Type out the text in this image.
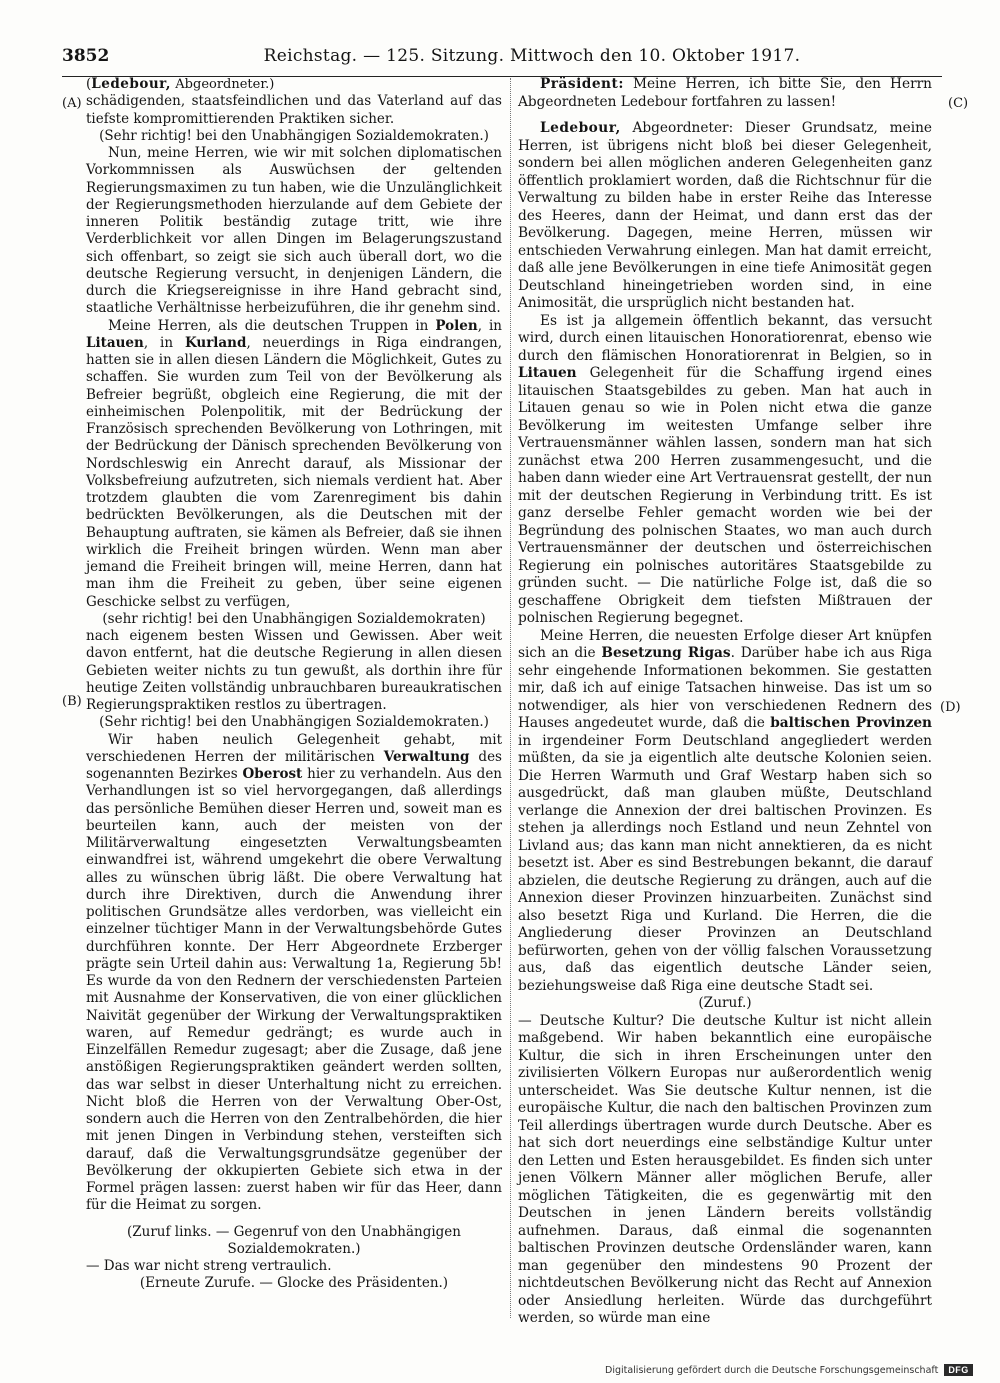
3852	Reichstag. — 125. Sitzung. Mittwoch den 10. Oktober 1917.
(A)
(B)
(C)
(D)

(Ledebour, Abgeordneter.)

schädigenden, staatsfeindlichen und das Vaterland auf das tiefste kompromittierenden Praktiken sicher.

(Sehr richtig! bei den Unabhängigen Sozialdemokraten.)

Nun, meine Herren, wie wir mit solchen diplomatischen Vorkommnissen als Auswüchsen der geltenden Regierungsmaximen zu tun haben, wie die Unzulänglichkeit der Regierungsmethoden hierzulande auf dem Gebiete der inneren Politik beständig zutage tritt, wie ihre Verderblichkeit vor allen Dingen im Belagerungszustand sich offenbart, so zeigt sie sich auch überall dort, wo die deutsche Regierung versucht, in denjenigen Ländern, die durch die Kriegsereignisse in ihre Hand gebracht sind, staatliche Verhältnisse herbeizuführen, die ihr genehm sind.

Meine Herren, als die deutschen Truppen in Polen, in Litauen, in Kurland, neuerdings in Riga eindrangen, hatten sie in allen diesen Ländern die Möglichkeit, Gutes zu schaffen. Sie wurden zum Teil von der Bevölkerung als Befreier begrüßt, obgleich eine Regierung, die mit der einheimischen Polenpolitik, mit der Bedrückung der Französisch sprechenden Bevölkerung von Lothringen, mit der Bedrückung der Dänisch sprechenden Bevölkerung von Nordschleswig ein Anrecht darauf, als Missionar der Volksbefreiung aufzutreten, sich niemals verdient hat. Aber trotzdem glaubten die vom Zarenregiment bis dahin bedrückten Bevölkerungen, als die Deutschen mit der Behauptung auftraten, sie kämen als Befreier, daß sie ihnen wirklich die Freiheit bringen würden. Wenn man aber jemand die Freiheit bringen will, meine Herren, dann hat man ihm die Freiheit zu geben, über seine eigenen Geschicke selbst zu verfügen,

(sehr richtig! bei den Unabhängigen Sozialdemokraten)

nach eigenem besten Wissen und Gewissen. Aber weit davon entfernt, hat die deutsche Regierung in allen diesen Gebieten weiter nichts zu tun gewußt, als dorthin ihre für heutige Zeiten vollständig unbrauchbaren bureaukratischen Regierungspraktiken restlos zu übertragen.

(Sehr richtig! bei den Unabhängigen Sozialdemokraten.)

Wir haben neulich Gelegenheit gehabt, mit verschiedenen Herren der militärischen Verwaltung des sogenannten Bezirkes Oberost hier zu verhandeln. Aus den Verhandlungen ist so viel hervorgegangen, daß allerdings das persönliche Bemühen dieser Herren und, soweit man es beurteilen kann, auch der meisten von der Militärverwaltung eingesetzten Verwaltungsbeamten einwandfrei ist, während umgekehrt die obere Verwaltung alles zu wünschen übrig läßt. Die obere Verwaltung hat durch ihre Direktiven, durch die Anwendung ihrer politischen Grundsätze alles verdorben, was vielleicht ein einzelner tüchtiger Mann in der Verwaltungsbehörde Gutes durchführen konnte. Der Herr Abgeordnete Erzberger prägte sein Urteil dahin aus: Verwaltung 1a, Regierung 5b! Es wurde da von den Rednern der verschiedensten Parteien mit Ausnahme der Konservativen, die von einer glücklichen Naivität gegenüber der Wirkung der Verwaltungspraktiken waren, auf Remedur gedrängt; es wurde auch in Einzelfällen Remedur zugesagt; aber die Zusage, daß jene anstößigen Regierungspraktiken geändert werden sollten, das war selbst in dieser Unterhaltung nicht zu erreichen. Nicht bloß die Herren von der Verwaltung Ober-Ost, sondern auch die Herren von den Zentralbehörden, die hier mit jenen Dingen in Verbindung stehen, versteiften sich darauf, daß die Verwaltungsgrundsätze gegenüber der Bevölkerung der okkupierten Gebiete sich etwa in der Formel prägen lassen: zuerst haben wir für das Heer, dann für die Heimat zu sorgen.

(Zuruf links. — Gegenruf von den Unabhängigen Sozialdemokraten.)

— Das war nicht streng vertraulich.

(Erneute Zurufe. — Glocke des Präsidenten.)

Präsident: Meine Herren, ich bitte Sie, den Herrn Abgeordneten Ledebour fortfahren zu lassen!

Ledebour, Abgeordneter: Dieser Grundsatz, meine Herren, ist übrigens nicht bloß bei dieser Gelegenheit, sondern bei allen möglichen anderen Gelegenheiten ganz öffentlich proklamiert worden, daß die Richtschnur für die Verwaltung zu bilden habe in erster Reihe das Interesse des Heeres, dann der Heimat, und dann erst das der Bevölkerung. Dagegen, meine Herren, müssen wir entschieden Verwahrung einlegen. Man hat damit erreicht, daß alle jene Bevölkerungen in eine tiefe Animosität gegen Deutschland hineingetrieben worden sind, in eine Animosität, die ursprüglich nicht bestanden hat.

Es ist ja allgemein öffentlich bekannt, das versucht wird, durch einen litauischen Honoratiorenrat, ebenso wie durch den flämischen Honoratiorenrat in Belgien, so in Litauen Gelegenheit für die Schaffung irgend eines litauischen Staatsgebildes zu geben. Man hat auch in Litauen genau so wie in Polen nicht etwa die ganze Bevölkerung im weitesten Umfange selber ihre Vertrauensmänner wählen lassen, sondern man hat sich zunächst etwa 200 Herren zusammengesucht, und die haben dann wieder eine Art Vertrauensrat gestellt, der nun mit der deutschen Regierung in Verbindung tritt. Es ist ganz derselbe Fehler gemacht worden wie bei der Begründung des polnischen Staates, wo man auch durch Vertrauensmänner der deutschen und österreichischen Regierung ein polnisches autoritäres Staatsgebilde zu gründen sucht. — Die natürliche Folge ist, daß die so geschaffene Obrigkeit dem tiefsten Mißtrauen der polnischen Regierung begegnet.

Meine Herren, die neuesten Erfolge dieser Art knüpfen sich an die Besetzung Rigas. Darüber habe ich aus Riga sehr eingehende Informationen bekommen. Sie gestatten mir, daß ich auf einige Tatsachen hinweise. Das ist um so notwendiger, als hier von verschiedenen Rednern des Hauses angedeutet wurde, daß die baltischen Provinzen in irgendeiner Form Deutschland angegliedert werden müßten, da sie ja eigentlich alte deutsche Kolonien seien. Die Herren Warmuth und Graf Westarp haben sich so ausgedrückt, daß man glauben müßte, Deutschland verlange die Annexion der drei baltischen Provinzen. Es stehen ja allerdings noch Estland und neun Zehntel von Livland aus; das kann man nicht annektieren, da es nicht besetzt ist. Aber es sind Bestrebungen bekannt, die darauf abzielen, die deutsche Regierung zu drängen, auch auf die Annexion dieser Provinzen hinzuarbeiten. Zunächst sind also besetzt Riga und Kurland. Die Herren, die die Angliederung dieser Provinzen an Deutschland befürworten, gehen von der völlig falschen Voraussetzung aus, daß das eigentlich deutsche Länder seien, beziehungsweise daß Riga eine deutsche Stadt sei.

(Zuruf.)

— Deutsche Kultur? Die deutsche Kultur ist nicht allein maßgebend. Wir haben bekanntlich eine europäische Kultur, die sich in ihren Erscheinungen unter den zivilisierten Völkern Europas nur außerordentlich wenig unterscheidet. Was Sie deutsche Kultur nennen, ist die europäische Kultur, die nach den baltischen Provinzen zum Teil allerdings übertragen wurde durch Deutsche. Aber es hat sich dort neuerdings eine selbständige Kultur unter den Letten und Esten herausgebildet. Es finden sich unter jenen Völkern Männer aller möglichen Berufe, aller möglichen Tätigkeiten, die es gegenwärtig mit den Deutschen in jenen Ländern bereits vollständig aufnehmen. Daraus, daß einmal die sogenannten baltischen Provinzen deutsche Ordensländer waren, kann man gegenüber den mindestens 90 Prozent der nichtdeutschen Bevölkerung nicht das Recht auf Annexion oder Ansiedlung herleiten. Würde das durchgeführt werden, so würde man eine

Digitalisierung gefördert durch die Deutsche Forschungsgemeinschaft	DFG
